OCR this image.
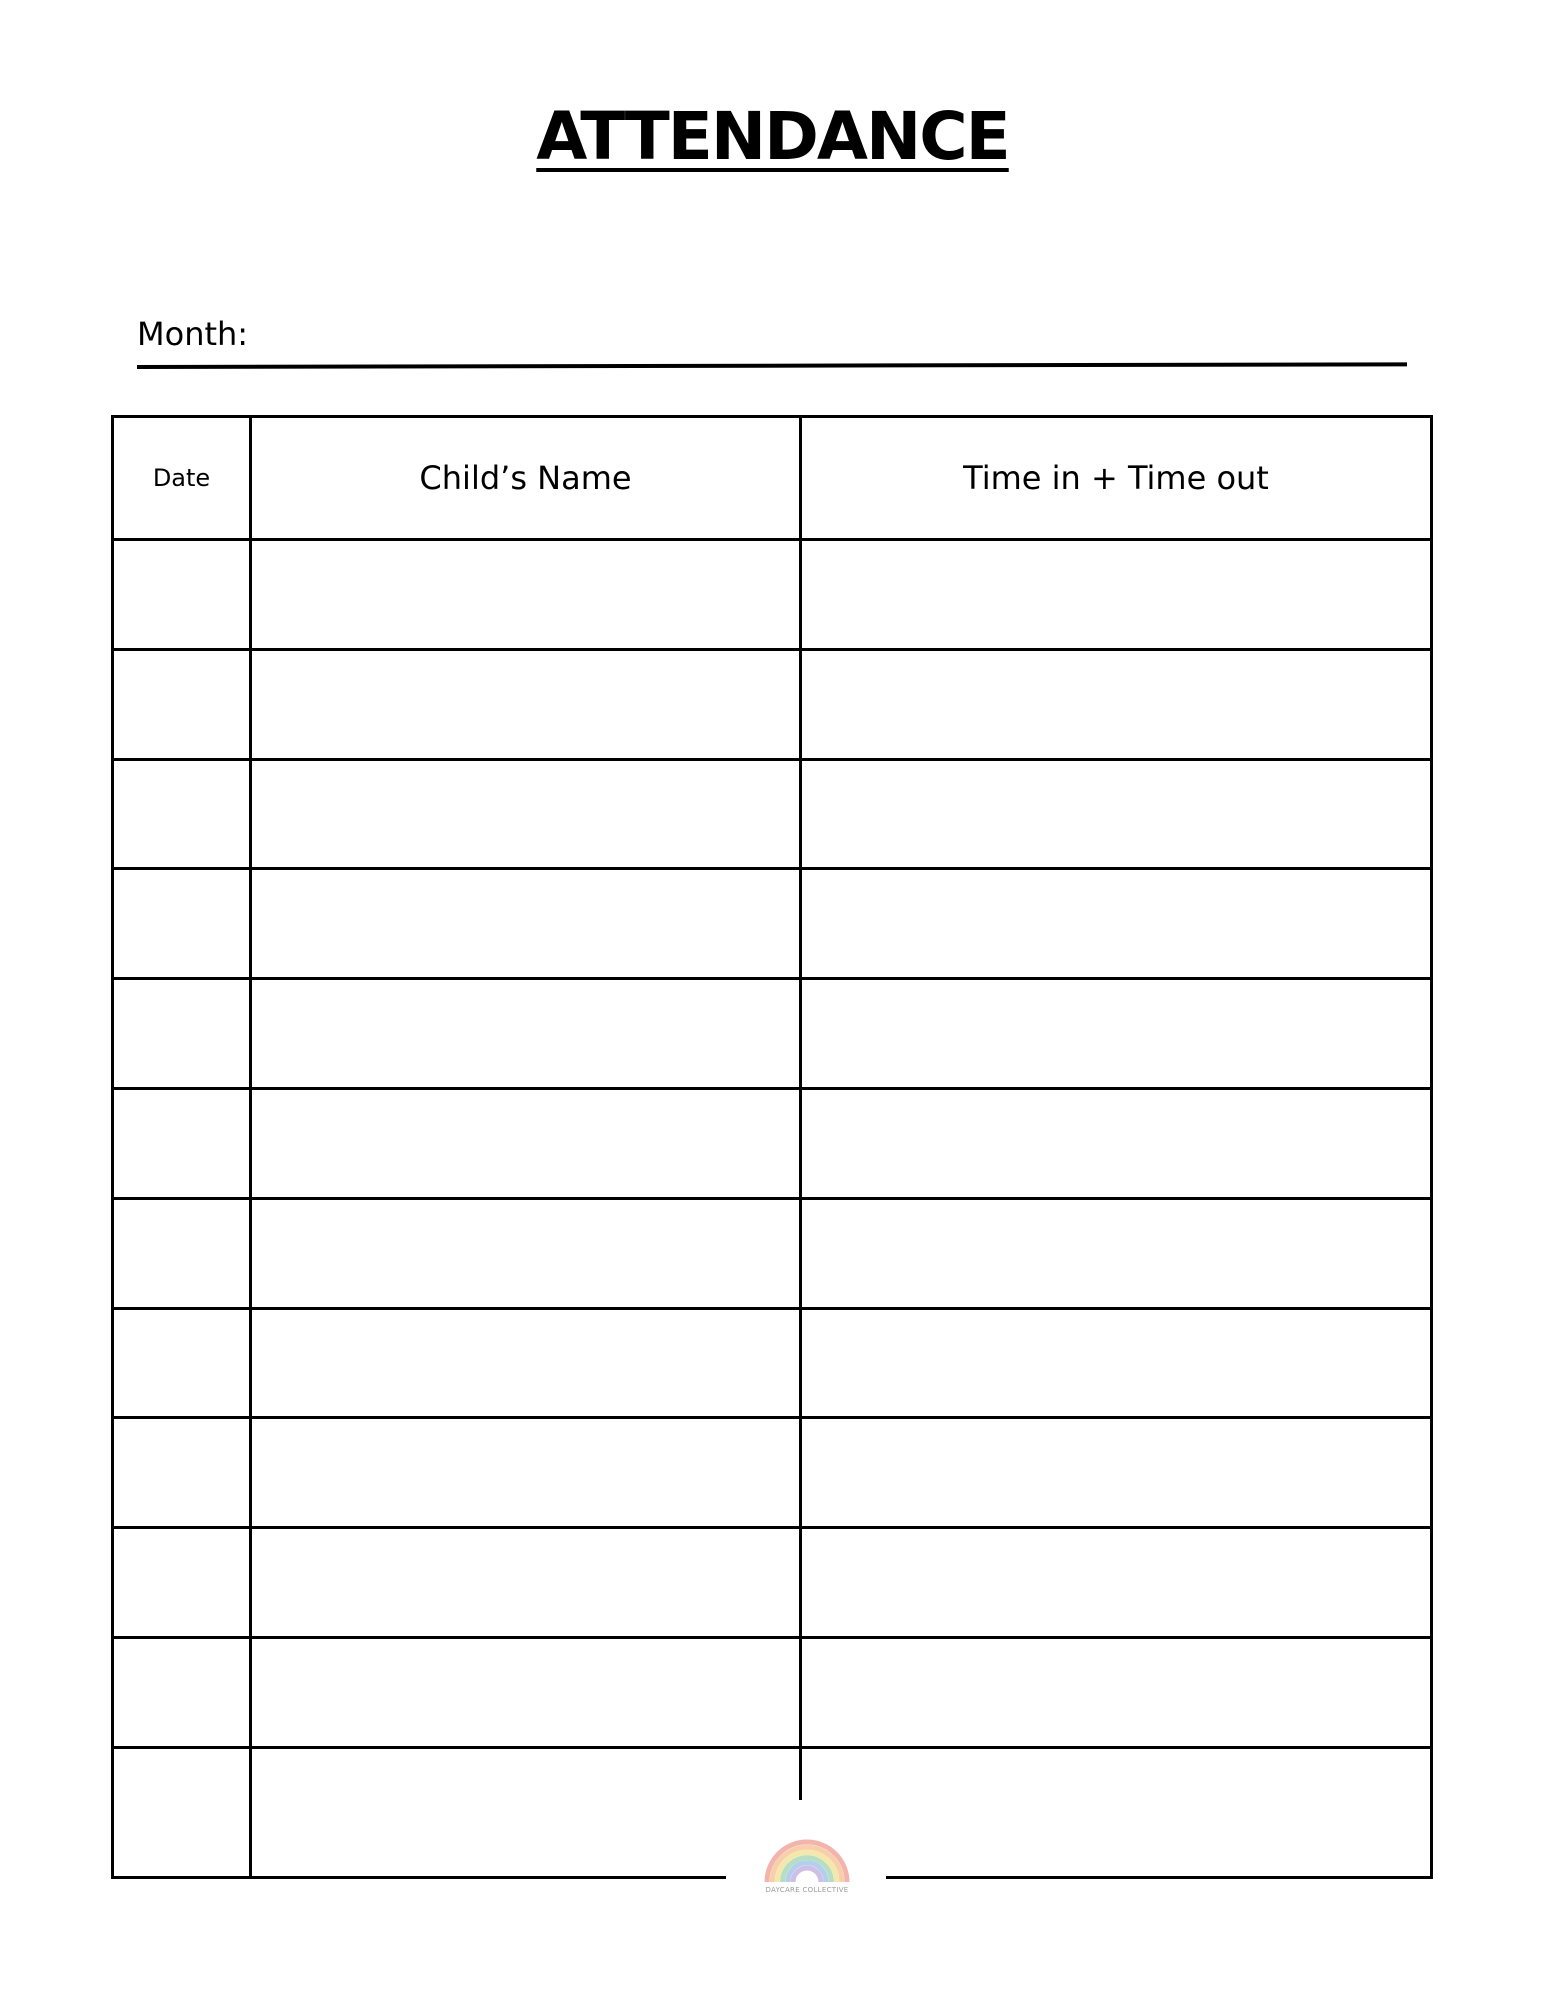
ATTENDANCE
Month:
Date	Child’s Name	Time in + Time out
DAYCARE COLLECTIVE
